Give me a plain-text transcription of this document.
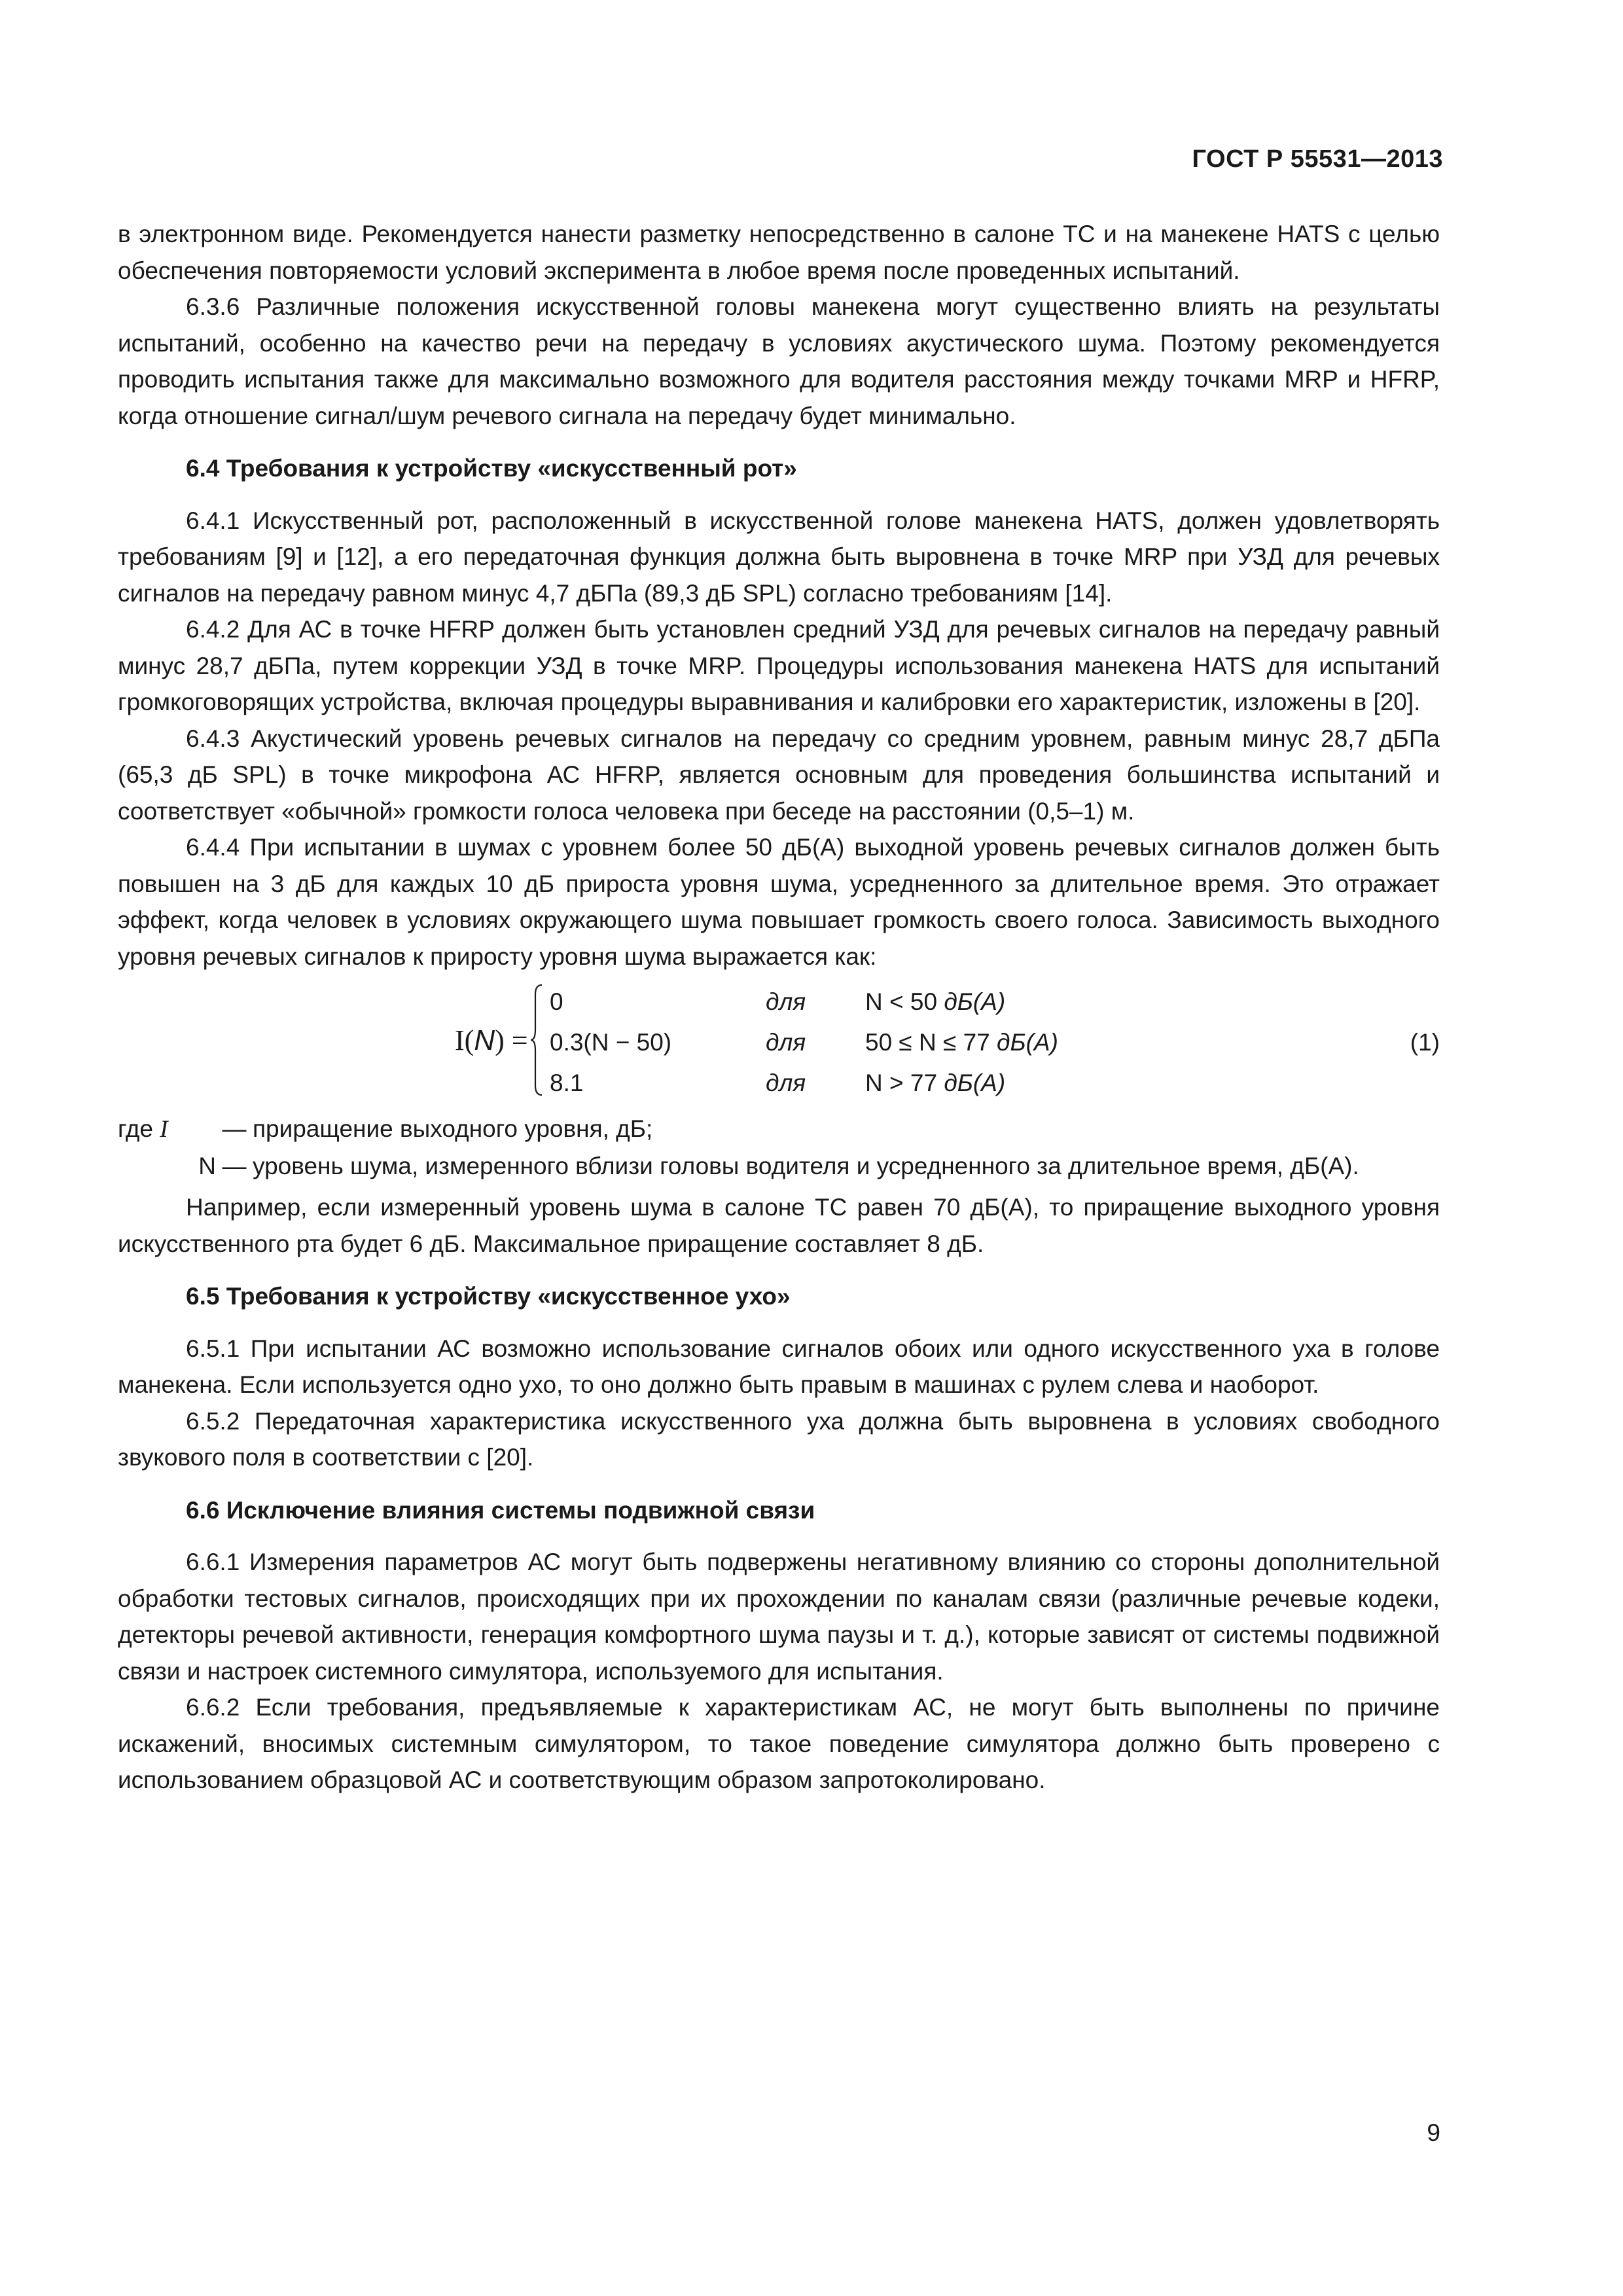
ГОСТ Р 55531—2013

в электронном виде. Рекомендуется нанести разметку непосредственно в салоне ТС и на манекене HATS с целью обеспечения повторяемости условий эксперимента в любое время после проведенных испытаний.

6.3.6 Различные положения искусственной головы манекена могут существенно влиять на результаты испытаний, особенно на качество речи на передачу в условиях акустического шума. Поэтому рекомендуется проводить испытания также для максимально возможного для водителя расстояния между точками MRP и HFRP, когда отношение сигнал/шум речевого сигнала на передачу будет минимально.

6.4 Требования к устройству «искусственный рот»

6.4.1 Искусственный рот, расположенный в искусственной голове манекена HATS, должен удовлетворять требованиям [9] и [12], а его передаточная функция должна быть выровнена в точке MRP при УЗД для речевых сигналов на передачу равном минус 4,7 дБПа (89,3 дБ SPL) согласно требованиям [14].

6.4.2 Для АС в точке HFRP должен быть установлен средний УЗД для речевых сигналов на передачу равный минус 28,7 дБПа, путем коррекции УЗД в точке MRP. Процедуры использования манекена HATS для испытаний громкоговорящих устройства, включая процедуры выравнивания и калибровки его характеристик, изложены в [20].

6.4.3 Акустический уровень речевых сигналов на передачу со средним уровнем, равным минус 28,7 дБПа (65,3 дБ SPL) в точке микрофона АС HFRP, является основным для проведения большинства испытаний и соответствует «обычной» громкости голоса человека при беседе на расстоянии (0,5–1) м.

6.4.4 При испытании в шумах с уровнем более 50 дБ(А) выходной уровень речевых сигналов должен быть повышен на 3 дБ для каждых 10 дБ прироста уровня шума, усредненного за длительное время. Это отражает эффект, когда человек в условиях окружающего шума повышает громкость своего голоса. Зависимость выходного уровня речевых сигналов к приросту уровня шума выражается как:

I(N) =
0	для N < 50 дБ(А)
0.3(N − 50)	для 50 ≤ N ≤ 77 дБ(A)
8.1	для N > 77 дБ(A)
(1)
где I	— приращение выходного уровня, дБ;
N — уровень шума, измеренного вблизи головы водителя и усредненного за длительное время, дБ(А).

Например, если измеренный уровень шума в салоне ТС равен 70 дБ(А), то приращение выходного уровня искусственного рта будет 6 дБ. Максимальное приращение составляет 8 дБ.

6.5 Требования к устройству «искусственное ухо»

6.5.1 При испытании АС возможно использование сигналов обоих или одного искусственного уха в голове манекена. Если используется одно ухо, то оно должно быть правым в машинах с рулем слева и наоборот.

6.5.2 Передаточная характеристика искусственного уха должна быть выровнена в условиях свободного звукового поля в соответствии с [20].

6.6 Исключение влияния системы подвижной связи

6.6.1 Измерения параметров АС могут быть подвержены негативному влиянию со стороны дополнительной обработки тестовых сигналов, происходящих при их прохождении по каналам связи (различные речевые кодеки, детекторы речевой активности, генерация комфортного шума паузы и т. д.), которые зависят от системы подвижной связи и настроек системного симулятора, используемого для испытания.

6.6.2 Если требования, предъявляемые к характеристикам АС, не могут быть выполнены по причине искажений, вносимых системным симулятором, то такое поведение симулятора должно быть проверено с использованием образцовой АС и соответствующим образом запротоколировано.

9
